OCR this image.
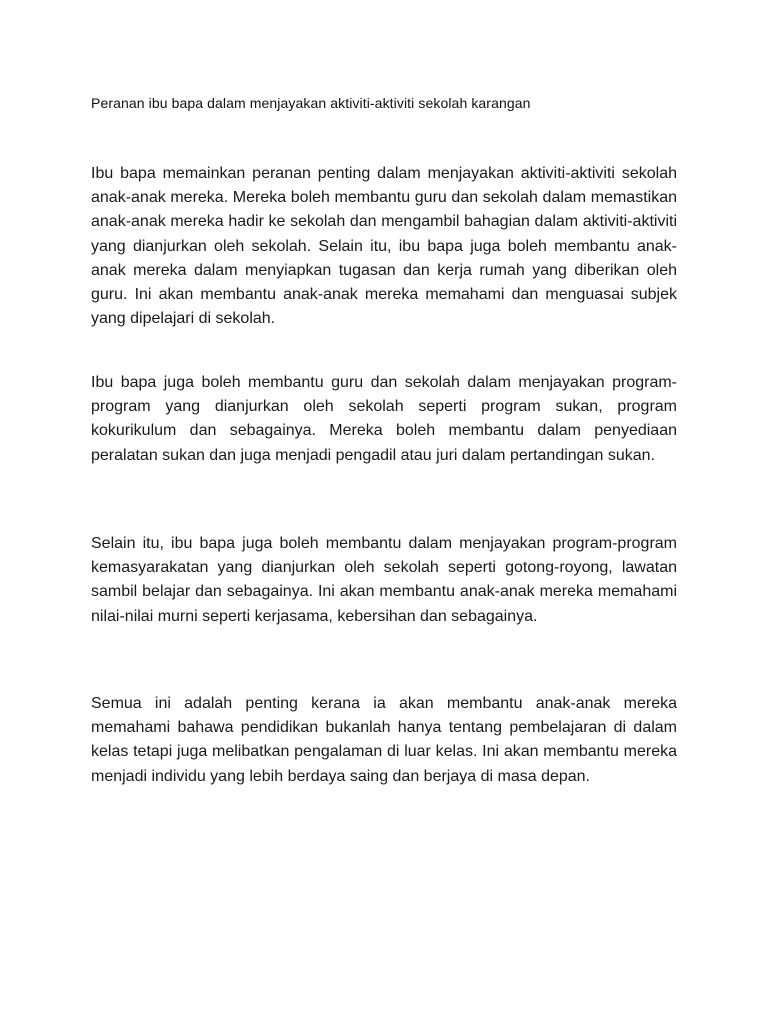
Peranan ibu bapa dalam menjayakan aktiviti-aktiviti sekolah karangan

Ibu bapa memainkan peranan penting dalam menjayakan aktiviti-aktiviti sekolah anak-anak mereka. Mereka boleh membantu guru dan sekolah dalam memastikan anak-anak mereka hadir ke sekolah dan mengambil bahagian dalam aktiviti-aktiviti yang dianjurkan oleh sekolah. Selain itu, ibu bapa juga boleh membantu anak-anak mereka dalam menyiapkan tugasan dan kerja rumah yang diberikan oleh guru. Ini akan membantu anak-anak mereka memahami dan menguasai subjek yang dipelajari di sekolah.

Ibu bapa juga boleh membantu guru dan sekolah dalam menjayakan program-program yang dianjurkan oleh sekolah seperti program sukan, program kokurikulum dan sebagainya. Mereka boleh membantu dalam penyediaan peralatan sukan dan juga menjadi pengadil atau juri dalam pertandingan sukan.

Selain itu, ibu bapa juga boleh membantu dalam menjayakan program-program kemasyarakatan yang dianjurkan oleh sekolah seperti gotong-royong, lawatan sambil belajar dan sebagainya. Ini akan membantu anak-anak mereka memahami nilai-nilai murni seperti kerjasama, kebersihan dan sebagainya.

Semua ini adalah penting kerana ia akan membantu anak-anak mereka memahami bahawa pendidikan bukanlah hanya tentang pembelajaran di dalam kelas tetapi juga melibatkan pengalaman di luar kelas. Ini akan membantu mereka menjadi individu yang lebih berdaya saing dan berjaya di masa depan.
